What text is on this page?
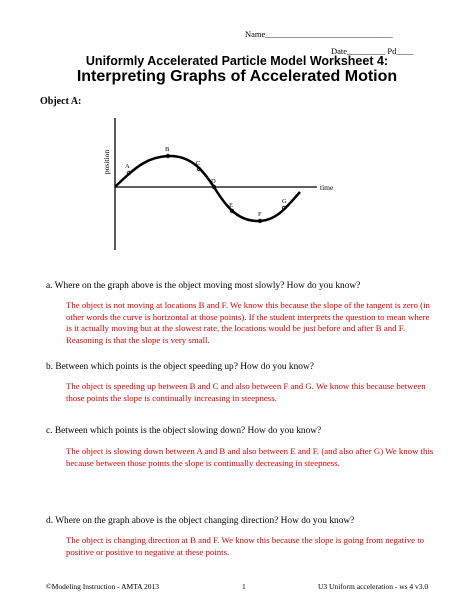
Name______________________________
Date_________ Pd____
Uniformly Accelerated Particle Model Worksheet 4:
Interpreting Graphs of Accelerated Motion
Object A:
position
time
A
B
C
D
E
F
G
a. Where on the graph above is the object moving most slowly? How do you know?
The object is not moving at locations B and F. We know this because the slope of the tangent is zero (in other words the curve is horizontal at those points). If the student interprets the question to mean where is it actually moving but at the slowest rate, the locations would be just before and after B and F. Reasoning is that the slope is very small.
b. Between which points is the object speeding up? How do you know?
The object is speeding up between B and C and also between F and G. We know this because between those points the slope is continually increasing in steepness.
c. Between which points is the object slowing down? How do you know?
The object is slowing down between A and B and also between E and F. (and also after G) We know this because between those points the slope is continually decreasing in steepness.
d. Where on the graph above is the object changing direction? How do you know?
The object is changing direction at B and F. We know this because the slope is going from negative to positive or positive to negative at these points.
©Modeling Instruction - AMTA 2013	1	U3 Uniform acceleration - ws 4 v3.0
